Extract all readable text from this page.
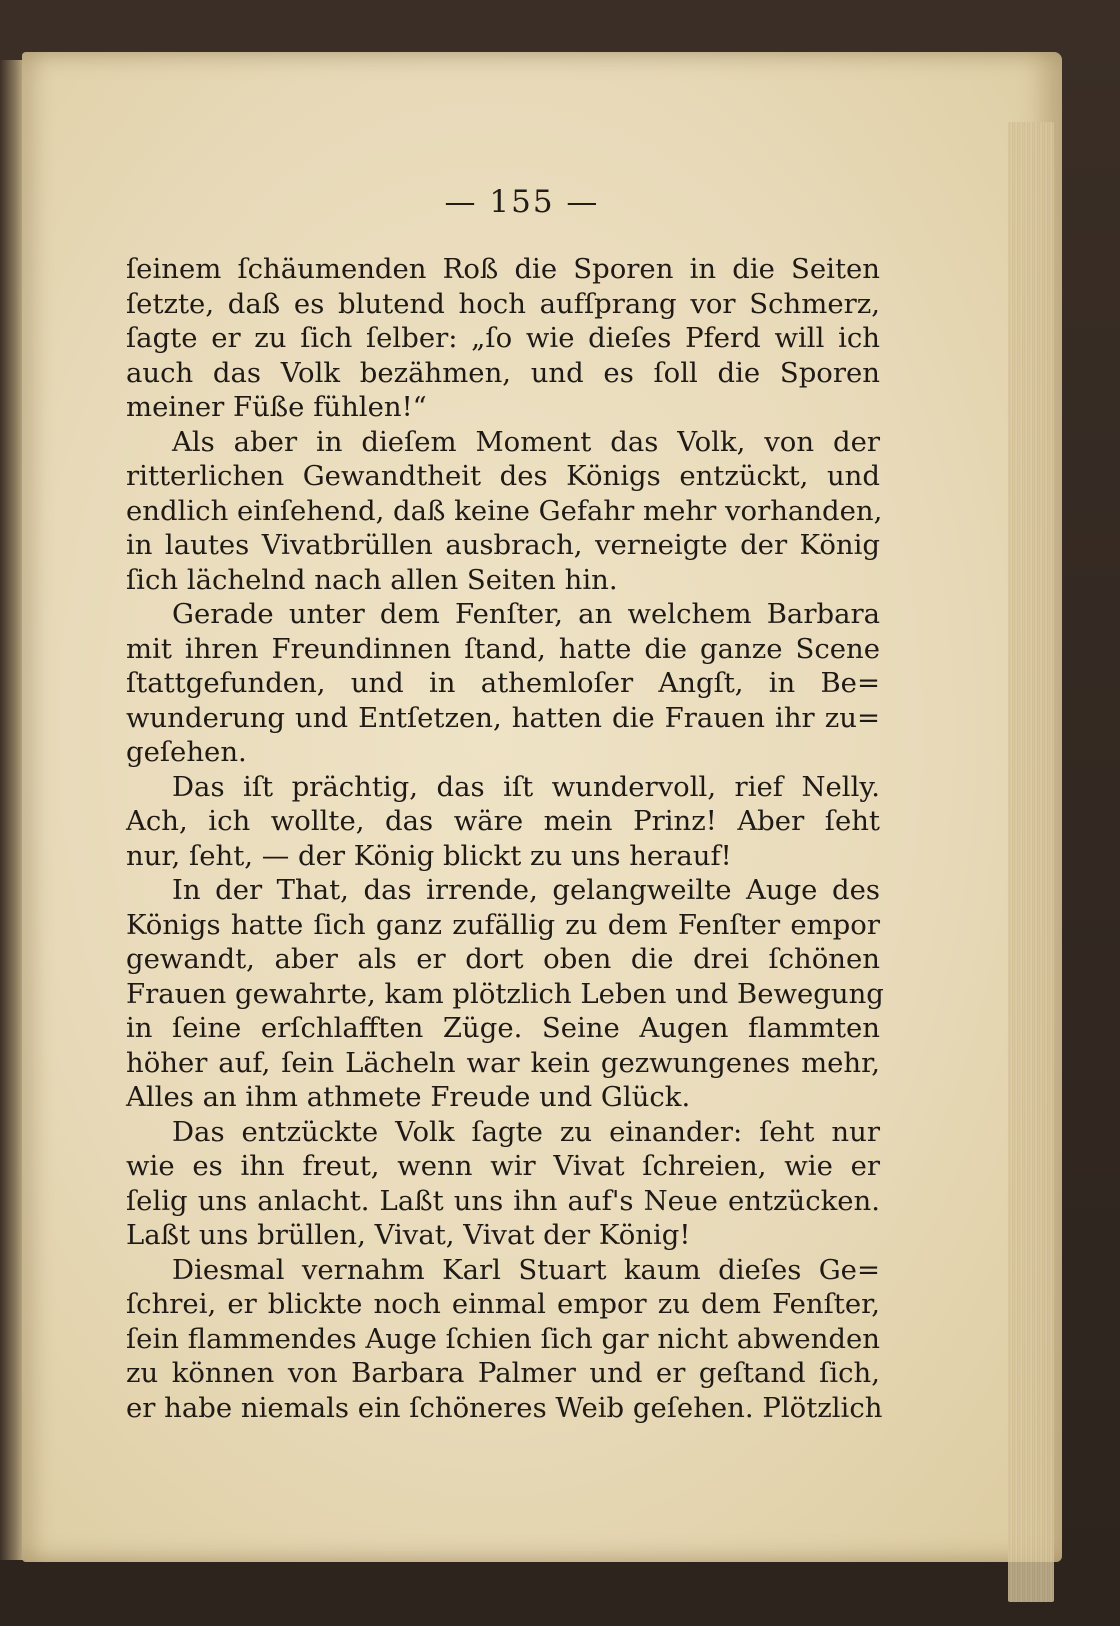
— 155 —
ſeinem ſchäumenden Roß die Sporen in die Seiten
ſetzte, daß es blutend hoch aufſprang vor Schmerz,
ſagte er zu ſich ſelber: „ſo wie dieſes Pferd will ich
auch das Volk bezähmen, und es ſoll die Sporen
meiner Füße fühlen!“
Als aber in dieſem Moment das Volk, von der
ritterlichen Gewandtheit des Königs entzückt, und
endlich einſehend, daß keine Gefahr mehr vorhanden,
in lautes Vivatbrüllen ausbrach, verneigte der König
ſich lächelnd nach allen Seiten hin.
Gerade unter dem Fenſter, an welchem Barbara
mit ihren Freundinnen ſtand, hatte die ganze Scene
ſtattgefunden, und in athemloſer Angſt, in Be=
wunderung und Entſetzen, hatten die Frauen ihr zu=
geſehen.
Das iſt prächtig, das iſt wundervoll, rief Nelly.
Ach, ich wollte, das wäre mein Prinz! Aber ſeht
nur, ſeht, — der König blickt zu uns herauf!
In der That, das irrende, gelangweilte Auge des
Königs hatte ſich ganz zufällig zu dem Fenſter empor
gewandt, aber als er dort oben die drei ſchönen
Frauen gewahrte, kam plötzlich Leben und Bewegung
in ſeine erſchlafften Züge. Seine Augen flammten
höher auf, ſein Lächeln war kein gezwungenes mehr,
Alles an ihm athmete Freude und Glück.
Das entzückte Volk ſagte zu einander: ſeht nur
wie es ihn freut, wenn wir Vivat ſchreien, wie er
ſelig uns anlacht. Laßt uns ihn auf's Neue entzücken.
Laßt uns brüllen, Vivat, Vivat der König!
Diesmal vernahm Karl Stuart kaum dieſes Ge=
ſchrei, er blickte noch einmal empor zu dem Fenſter,
ſein flammendes Auge ſchien ſich gar nicht abwenden
zu können von Barbara Palmer und er geſtand ſich,
er habe niemals ein ſchöneres Weib geſehen. Plötzlich
